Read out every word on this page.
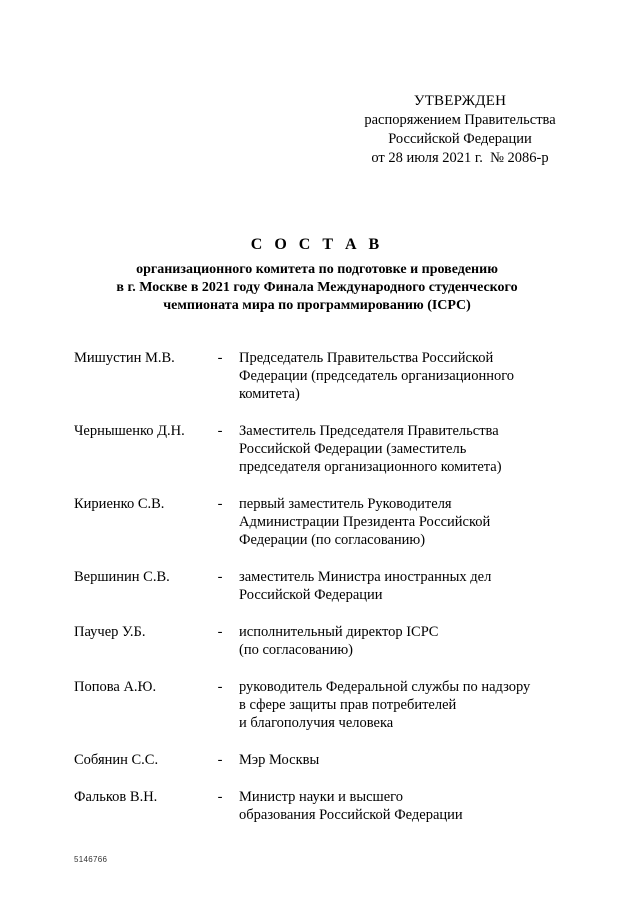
УТВЕРЖДЕН
распоряжением Правительства
Российской Федерации
от 28 июля 2021 г.  № 2086-р
С О С Т А В
организационного комитета по подготовке и проведению
в г. Москве в 2021 году Финала Международного студенческого
чемпионата мира по программированию (ICPC)
Мишустин М.В.	- Председатель Правительства Российской
Федерации (председатель организационного
комитета)
Чернышенко Д.Н.	- Заместитель Председателя Правительства
Российской Федерации (заместитель
председателя организационного комитета)
Кириенко С.В.	- первый заместитель Руководителя
Администрации Президента Российской
Федерации (по согласованию)
Вершинин С.В.	- заместитель Министра иностранных дел
Российской Федерации
Паучер У.Б.	- исполнительный директор ICPC
(по согласованию)
Попова А.Ю.	- руководитель Федеральной службы по надзору
в сфере защиты прав потребителей
и благополучия человека
Собянин С.С.	- Мэр Москвы
Фальков В.Н.	- Министр науки и высшего
образования Российской Федерации
5146766
